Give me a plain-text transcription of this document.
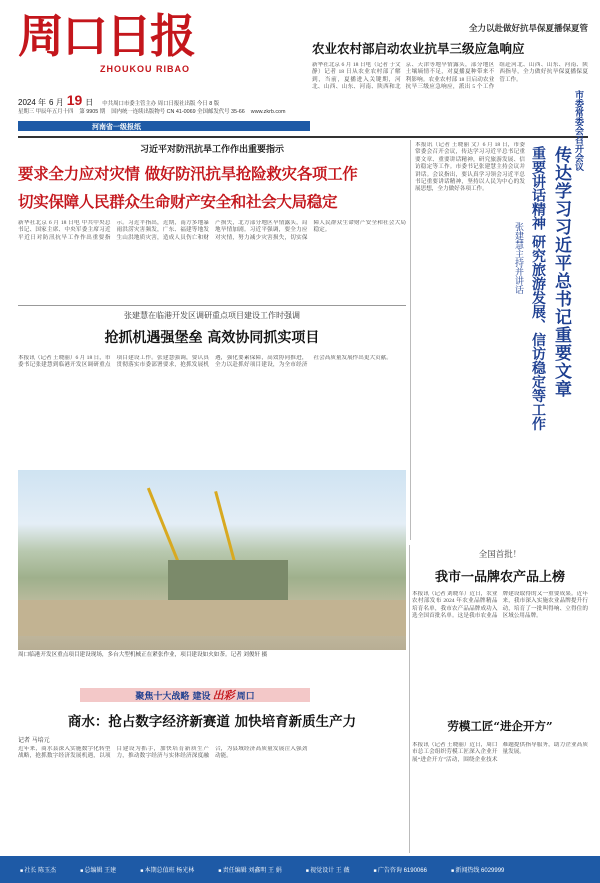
周口日报
ZHOUKOU RIBAO
2024 年 6 月 19 日 中共周口市委主管主办 周口日报社出版 今日 8 版
星期三 甲辰年五月十四 第 9905 期 国内统一连续出版物号 CN 41-0069 全国邮发代号 35-66 www.zkrb.com
河南省一级报纸
全力以赴做好抗旱保夏播保夏管
农业农村部启动农业抗旱三级应急响应
新华社北京 6 月 18 日电（记者 于文静）记者 18 日从农业农村部了解到，当前，夏播进入关键期，河北、山西、山东、河南、陕西和北京、天津等地旱情露头，部分地区土壤墒情不足，对夏播夏种带来不利影响。农业农村部 18 日启动农业抗旱三级应急响应，派出 5 个工作组赴河北、山西、山东、河南、陕西指导，全力做好抗旱保夏播保夏管工作。
习近平对防汛抗旱工作作出重要指示
要求全力应对灾情 做好防汛抗旱抢险救灾各项工作
切实保障人民群众生命财产安全和社会大局稳定
新华社北京 6 月 18 日电 中共中央总书记、国家主席、中央军委主席习近平近日对防汛抗旱工作作出重要指示。习近平指出，近期，南方多地暴雨洪涝灾害频发，广东、福建等地发生山洪地质灾害，造成人员伤亡和财产损失，北方部分地区旱情露头，局地旱情加剧。习近平强调，要全力应对灾情，努力减少灾害损失，切实保障人民群众生命财产安全和社会大局稳定。
张建慧在临港开发区调研重点项目建设工作时强调
抢抓机遇强堡垒 高效协同抓实项目
本报讯（记者 王晓丽）6 月 18 日，市委书记张建慧到临港开发区调研重点项目建设工作。张建慧强调，要认真贯彻落实市委部署要求，抢抓发展机遇，强化要素保障，高效协同推进，全力以赴抓好项目建设，为全市经济社会高质量发展作出更大贡献。
本报讯（记者 王晓丽 文）6 月 18 日，市委常委会召开会议，传达学习习近平总书记重要文章、重要讲话精神，研究旅游发展、信访稳定等工作。市委书记张建慧主持会议并讲话。会议指出，要认真学习领会习近平总书记重要讲话精神，坚持以人民为中心的发展思想，全力做好各项工作。
市委常委会召开会议
传达学习习近平总书记重要文章
重要讲话精神 研究旅游发展、信访稳定等工作
张建慧主持并讲话
周口临港开发区重点项目建设现场，多台大型机械正在紧张作业，项目建设如火如荼。记者 刘俊轩 摄
全国首批！
我市一品牌农产品上榜
本报讯（记者 刘晓军）近日，农业农村部发布 2024 年农业品牌精品培育名单，我市农产品品牌成功入选全国首批名单。这是我市农业品牌建设取得的又一重要成果。近年来，我市深入实施农业品牌提升行动，培育了一批叫得响、立得住的区域公用品牌。
劳模工匠“进企开方”
本报讯（记者 王晓丽）近日，周口市总工会组织劳模工匠深入企业开展“进企开方”活动，围绕企业技术难题提供指导服务，助力企业高质量发展。
聚焦十大战略 建设 出彩 周口
商水：抢占数字经济新赛道 加快培育新质生产力
记者 马培元
近年来，商水县深入实施数字化转型战略，抢抓数字经济发展机遇，以项目建设为抓手，加快培育新质生产力，推动数字经济与实体经济深度融合，为县域经济高质量发展注入强劲动能。
■ 社长 陈玉杰	■ 总编辑 王建	■ 本期总值班 杨光林	■ 责任编辑 刘鑫明 王 娟	■ 视觉设计 王 薇	■ 广告咨询 6190066	■ 新闻热线 6029999
